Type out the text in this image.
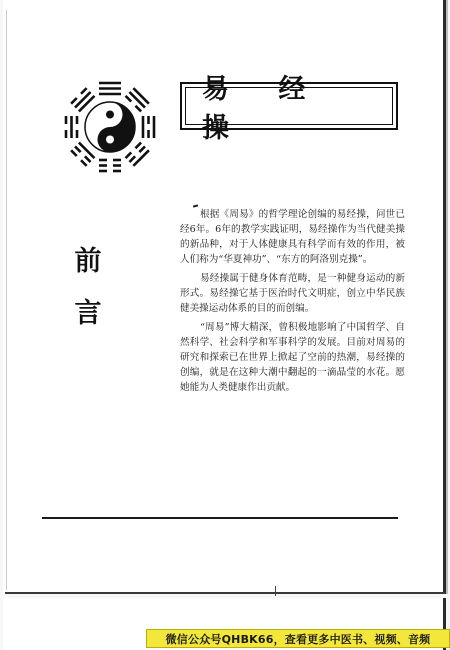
易 经 操
前
言

根据《周易》的哲学理论创编的易经操，问世已经6年。6年的教学实践证明，易经操作为当代健美操的新品种，对于人体健康具有科学而有效的作用，被人们称为“华夏神功”、“东方的阿洛别克操”。

易经操属于健身体育范畴，是一种健身运动的新形式。易经操它基于医治时代文明症，创立中华民族健美操运动体系的目的而创编。

“周易”博大精深，曾积极地影响了中国哲学、自然科学、社会科学和军事科学的发展。目前对周易的研究和探索已在世界上掀起了空前的热潮，易经操的创编，就是在这种大潮中翻起的一滴晶莹的水花。愿她能为人类健康作出贡献。

微信公众号QHBK66，查看更多中医书、视频、音频
